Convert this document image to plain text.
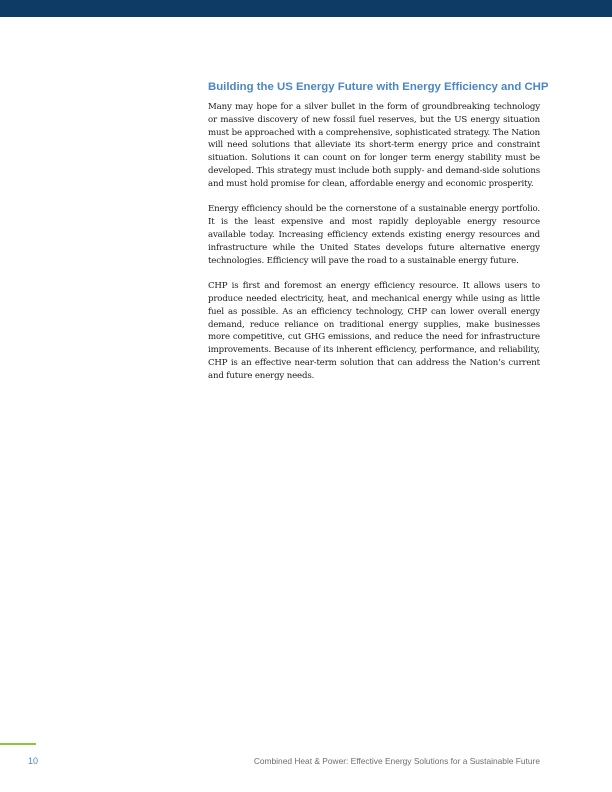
Building the US Energy Future with Energy Efficiency and CHP

Many may hope for a silver bullet in the form of groundbreaking technology or massive discovery of new fossil fuel reserves, but the US energy situation must be approached with a comprehensive, sophisticated strategy. The Nation will need solutions that alleviate its short-term energy price and constraint situation. Solutions it can count on for longer term energy stability must be developed. This strategy must include both supply- and demand-side solutions and must hold promise for clean, affordable energy and economic prosperity.

Energy efficiency should be the cornerstone of a sustainable energy portfolio. It is the least expensive and most rapidly deployable energy resource available today. Increasing efficiency extends existing energy resources and infrastructure while the United States develops future alternative energy technologies. Efficiency will pave the road to a sustainable energy future.

CHP is first and foremost an energy efficiency resource. It allows users to produce needed electricity, heat, and mechanical energy while using as little fuel as possible. As an efficiency technology, CHP can lower overall energy demand, reduce reliance on traditional energy supplies, make businesses more competitive, cut GHG emissions, and reduce the need for infrastructure improvements. Because of its inherent efficiency, performance, and reliability, CHP is an effective near-term solution that can address the Nation’s current and future energy needs.

10	Combined Heat & Power: Effective Energy Solutions for a Sustainable Future
